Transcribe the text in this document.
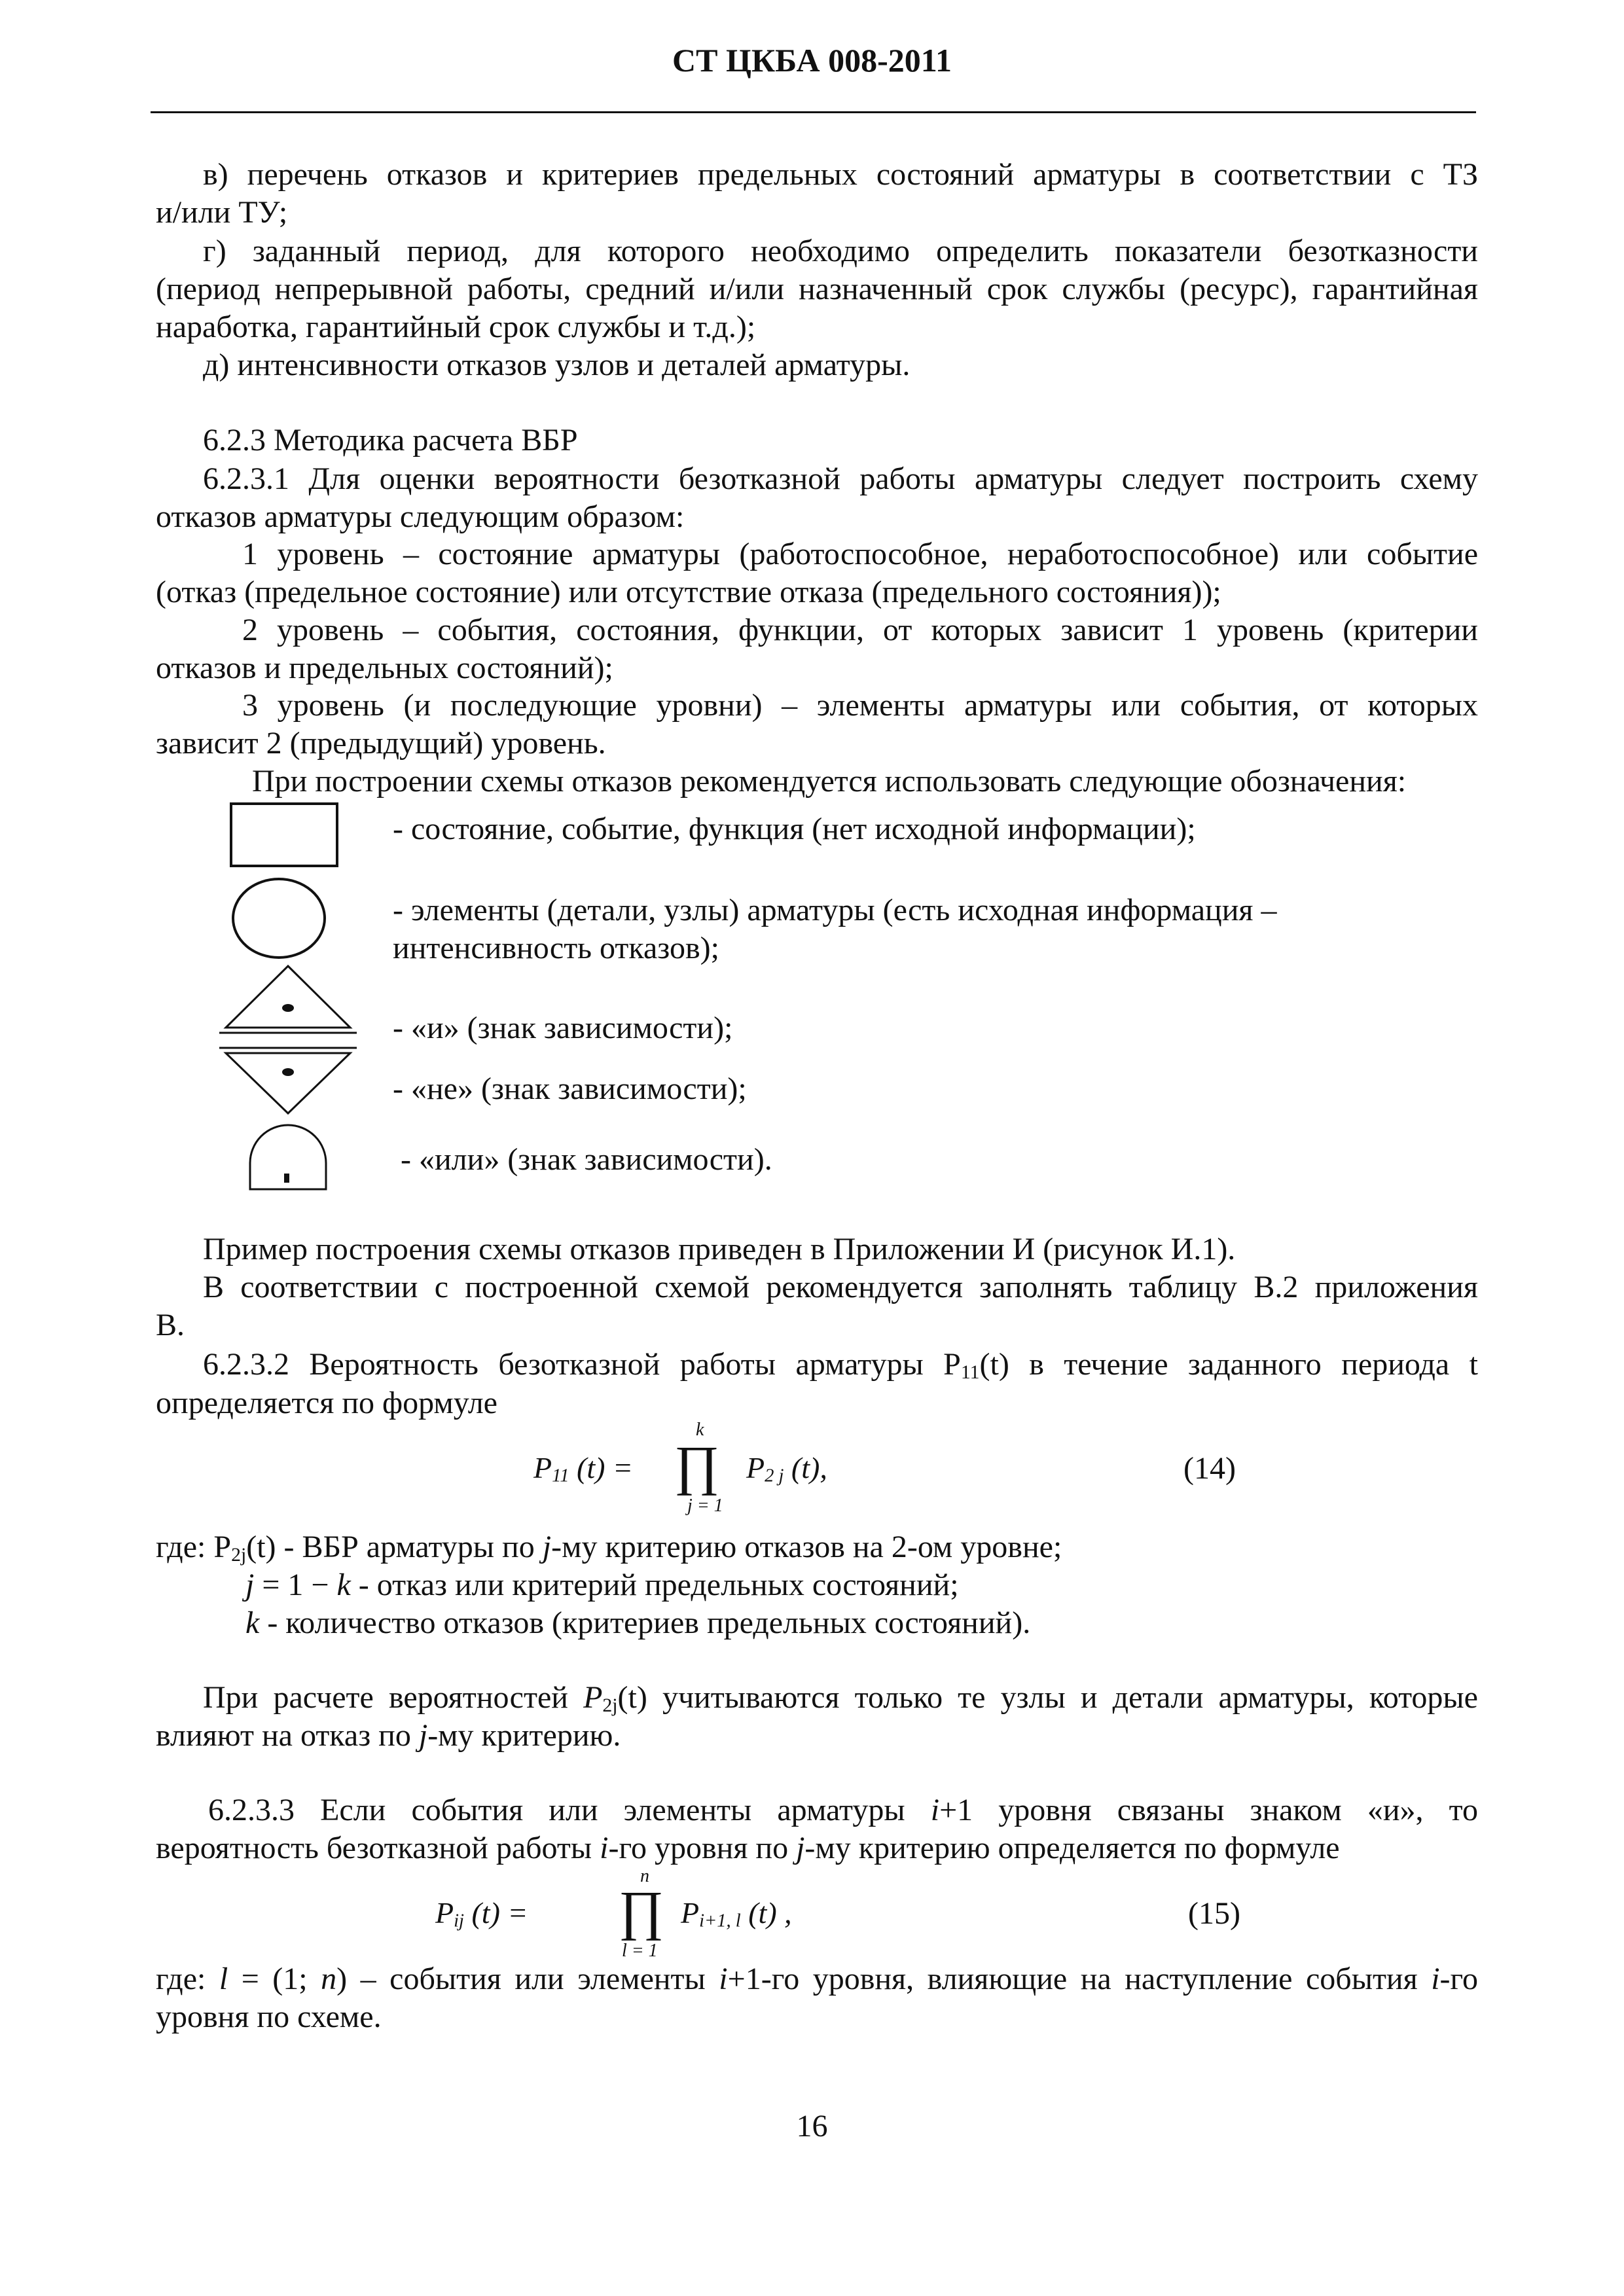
СТ ЦКБА 008-2011

в) перечень отказов и критериев предельных состояний арматуры в соответствии с ТЗ

и/или ТУ;

г) заданный период, для которого необходимо определить показатели безотказности

(период непрерывной работы, средний и/или назначенный срок службы (ресурс), гарантийная

наработка, гарантийный срок службы и т.д.);

д) интенсивности отказов узлов и деталей арматуры.

6.2.3 Методика расчета ВБР

6.2.3.1 Для оценки вероятности безотказной работы арматуры следует построить схему

отказов арматуры следующим образом:

1 уровень – состояние арматуры (работоспособное, неработоспособное) или событие

(отказ (предельное состояние) или отсутствие отказа (предельного состояния));

2 уровень – события, состояния, функции, от которых зависит 1 уровень (критерии

отказов и предельных состояний);

3 уровень (и последующие уровни) – элементы арматуры или события, от которых

зависит 2 (предыдущий) уровень.

При построении схемы отказов рекомендуется использовать следующие обозначения:

- состояние, событие, функция (нет исходной информации);

- элементы (детали, узлы) арматуры (есть исходная информация –

интенсивность отказов);

- «и» (знак зависимости);

- «не» (знак зависимости);

- «или» (знак зависимости).

Пример построения схемы отказов приведен в Приложении И (рисунок И.1).

В соответствии с построенной схемой рекомендуется заполнять таблицу В.2 приложения

В.

6.2.3.2 Вероятность безотказной работы арматуры $P_{11}(t)$ в течение заданного периода t

определяется по формуле

$P_{11}$ (t) = ∏
k
j = 1
$P_{2 j}$ (t),	(14)

где: $P_{2j}(t)$ - ВБР арматуры по j-му критерию отказов на 2-ом уровне;

j = 1 − k - отказ или критерий предельных состояний;

k - количество отказов (критериев предельных состояний).

При расчете вероятностей $P_{2j}(t)$ учитываются только те узлы и детали арматуры, которые

влияют на отказ по j-му критерию.

6.2.3.3 Если события или элементы арматуры i+1 уровня связаны знаком «и», то

вероятность безотказной работы i-го уровня по j-му критерию определяется по формуле

$P_{ij}$ (t) = ∏
n
l = 1
$P_{i+1, l}$ (t) ,	(15)

где: l = (1; n) – события или элементы i+1-го уровня, влияющие на наступление события i-го

уровня по схеме.

16
